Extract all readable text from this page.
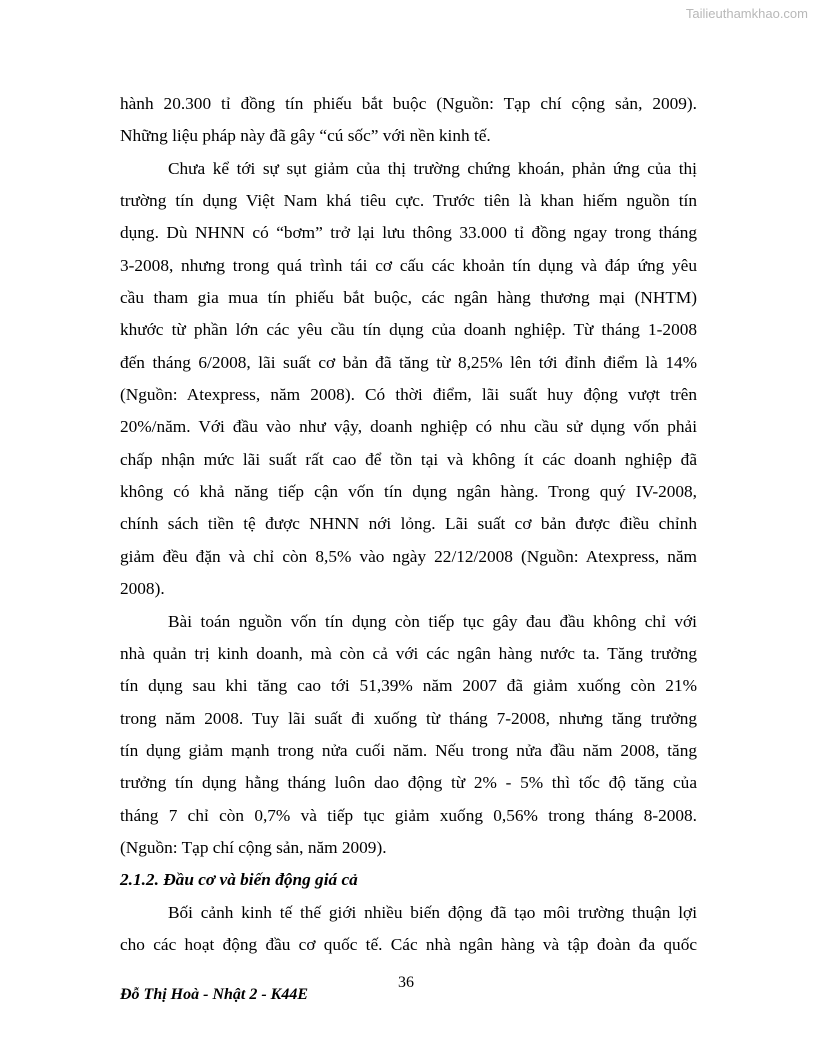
Tailieuthamkhao.com
hành 20.300 tỉ đồng tín phiếu bắt buộc (Nguồn: Tạp chí cộng sản, 2009).
Những liệu pháp này đã gây “cú sốc” với nền kinh tế.
Chưa kể tới sự sụt giảm của thị trường chứng khoán, phản ứng của thị
trường tín dụng Việt Nam khá tiêu cực. Trước tiên là khan hiếm nguồn tín
dụng. Dù NHNN có “bơm” trở lại lưu thông 33.000 tỉ đồng ngay trong tháng
3-2008, nhưng trong quá trình tái cơ cấu các khoản tín dụng và đáp ứng yêu
cầu tham gia mua tín phiếu bắt buộc, các ngân hàng thương mại (NHTM)
khước từ phần lớn các yêu cầu tín dụng của doanh nghiệp. Từ tháng 1-2008
đến tháng 6/2008, lãi suất cơ bản đã tăng từ 8,25% lên tới đỉnh điểm là 14%
(Nguồn: Atexpress, năm 2008). Có thời điểm, lãi suất huy động vượt trên
20%/năm. Với đầu vào như vậy, doanh nghiệp có nhu cầu sử dụng vốn phải
chấp nhận mức lãi suất rất cao để tồn tại và không ít các doanh nghiệp đã
không có khả năng tiếp cận vốn tín dụng ngân hàng. Trong quý IV-2008,
chính sách tiền tệ được NHNN nới lỏng. Lãi suất cơ bản được điều chỉnh
giảm đều đặn và chỉ còn 8,5% vào ngày 22/12/2008 (Nguồn: Atexpress, năm
2008).
Bài toán nguồn vốn tín dụng còn tiếp tục gây đau đầu không chỉ với
nhà quản trị kinh doanh, mà còn cả với các ngân hàng nước ta. Tăng trưởng
tín dụng sau khi tăng cao tới 51,39% năm 2007 đã giảm xuống còn 21%
trong năm 2008. Tuy lãi suất đi xuống từ tháng 7-2008, nhưng tăng trưởng
tín dụng giảm mạnh trong nửa cuối năm. Nếu trong nửa đầu năm 2008, tăng
trưởng tín dụng hằng tháng luôn dao động từ 2% - 5% thì tốc độ tăng của
tháng 7 chỉ còn 0,7% và tiếp tục giảm xuống 0,56% trong tháng 8-2008.
(Nguồn: Tạp chí cộng sản, năm 2009).
2.1.2. Đầu cơ và biến động giá cả
Bối cảnh kinh tế thế giới nhiều biến động đã tạo môi trường thuận lợi
cho các hoạt động đầu cơ quốc tế. Các nhà ngân hàng và tập đoàn đa quốc
36
Đỗ Thị Hoà - Nhật 2 - K44E
